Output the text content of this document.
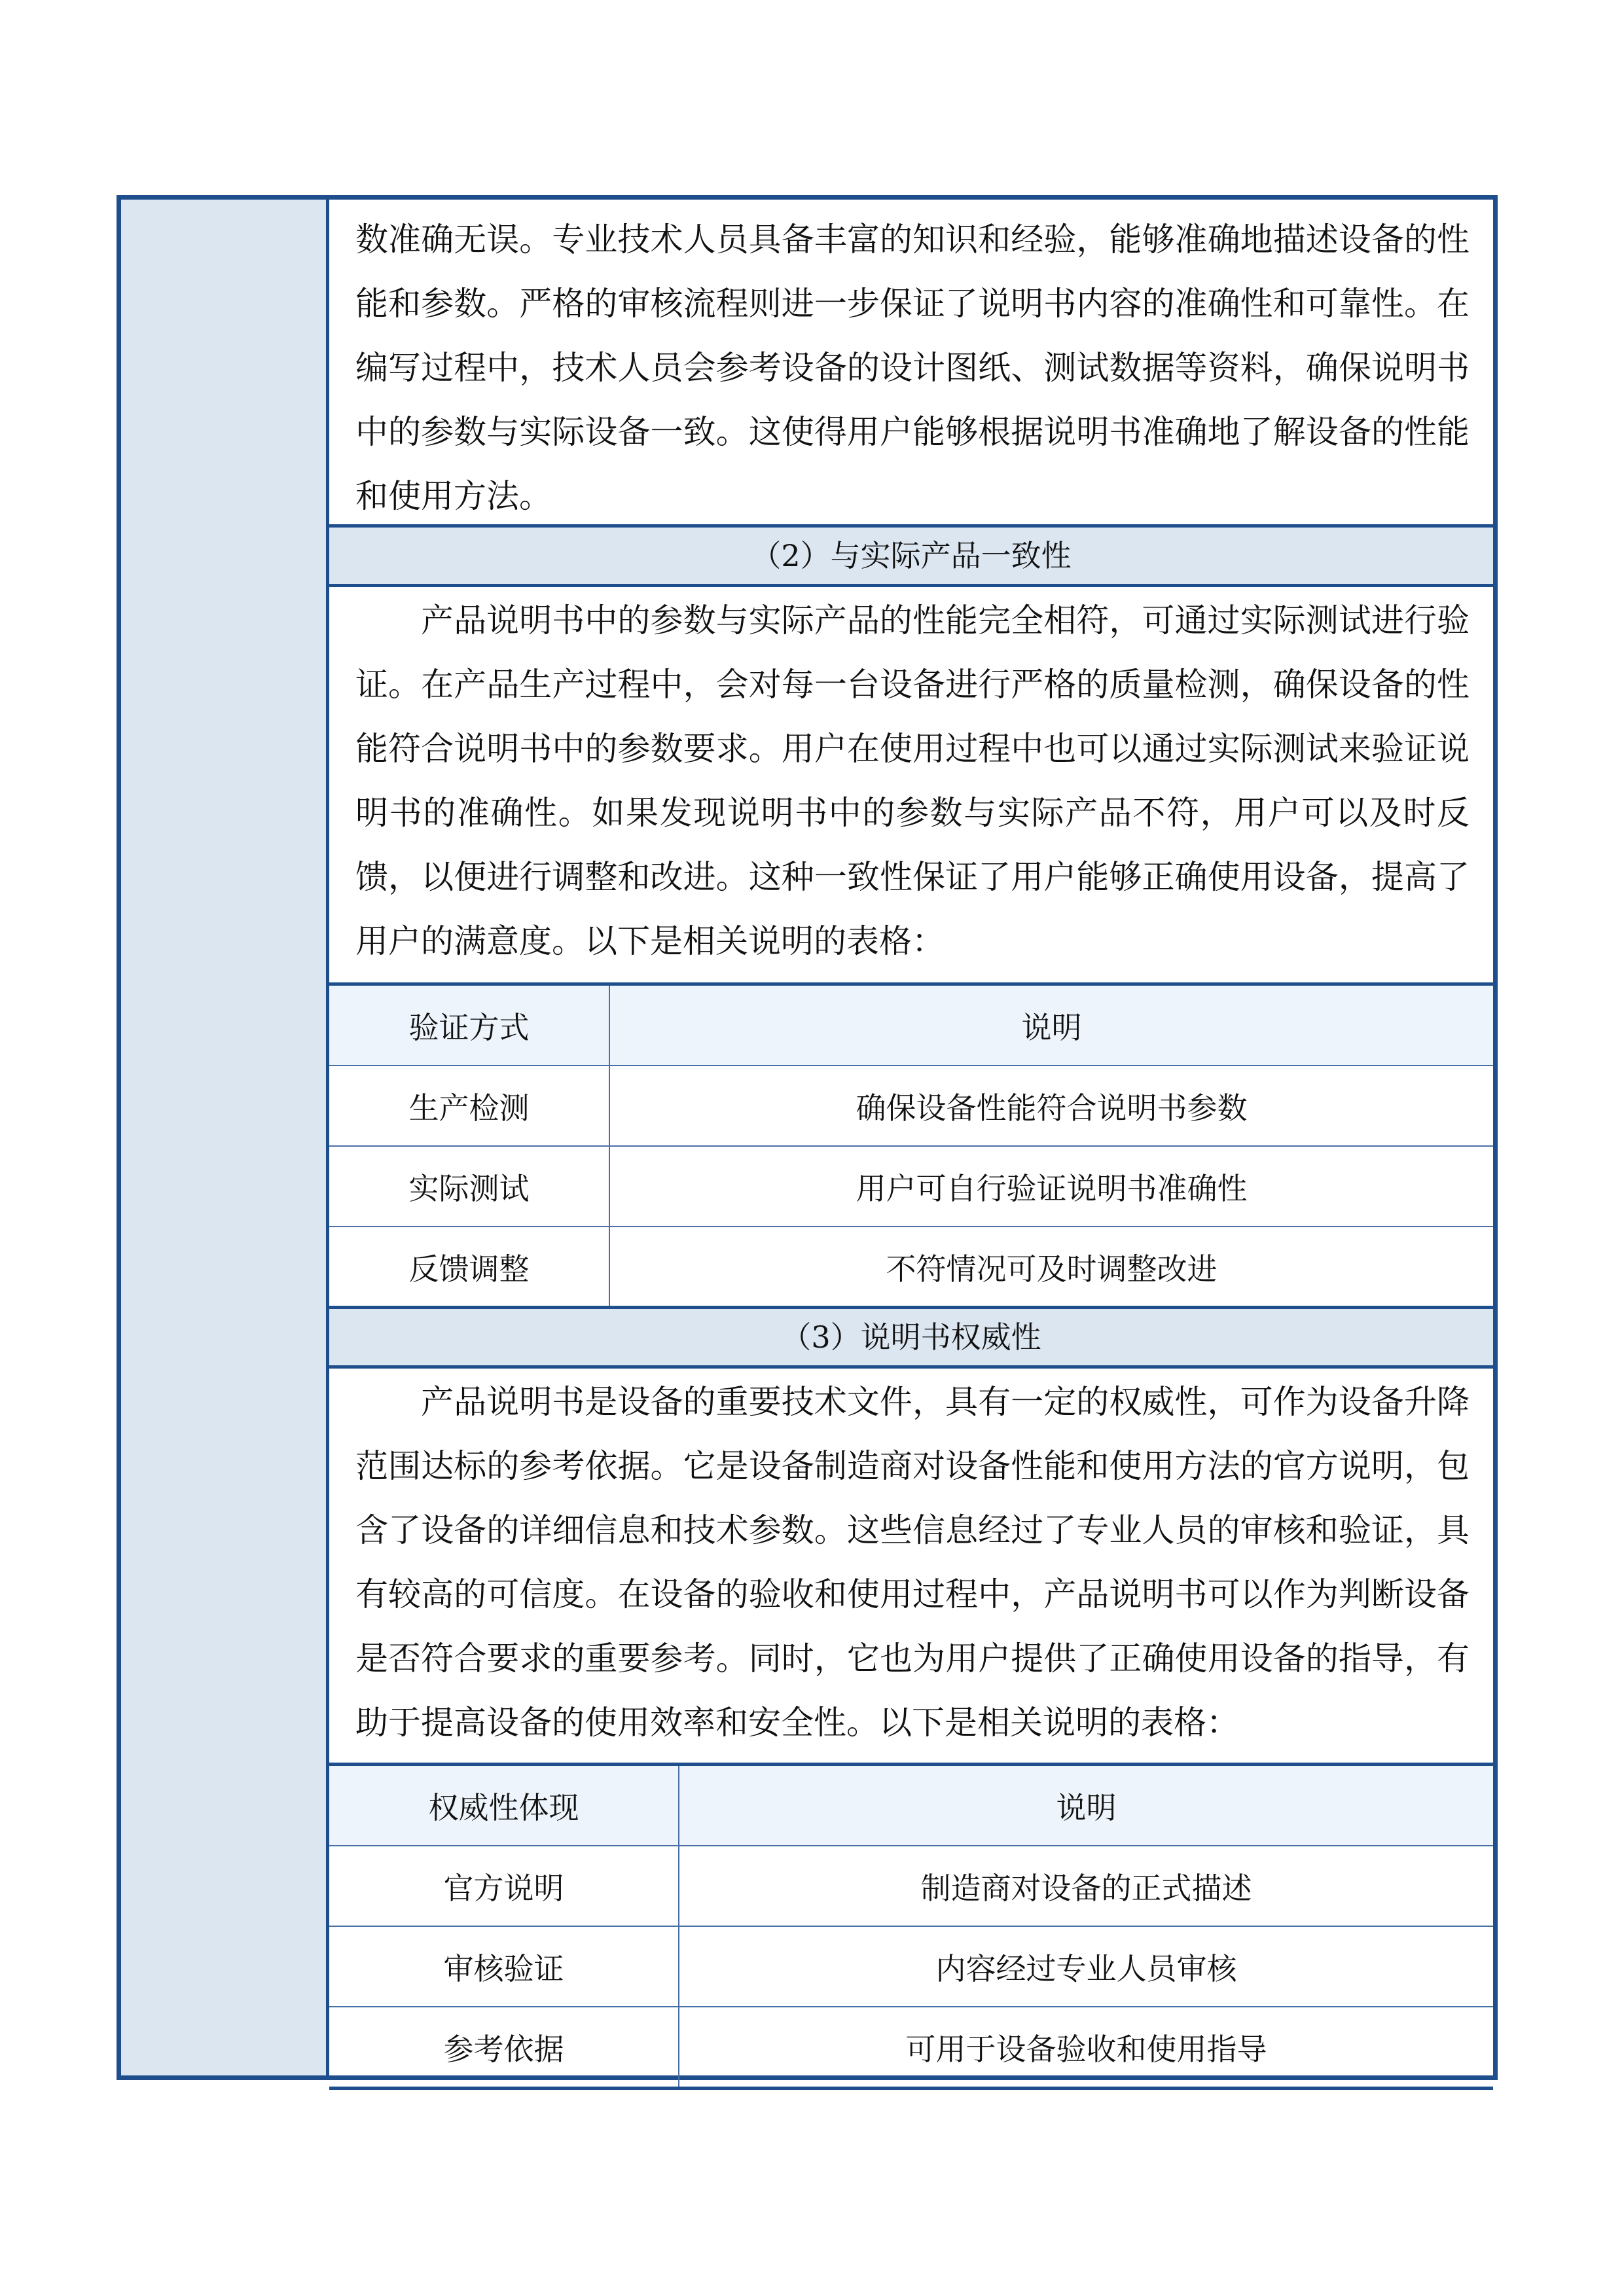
数准确无误。专业技术人员具备丰富的知识和经验，能够准确地描述设备的性能和参数。严格的审核流程则进一步保证了说明书内容的准确性和可靠性。在编写过程中，技术人员会参考设备的设计图纸、测试数据等资料，确保说明书中的参数与实际设备一致。这使得用户能够根据说明书准确地了解设备的性能和使用方法。
（2）与实际产品一致性
产品说明书中的参数与实际产品的性能完全相符，可通过实际测试进行验证。在产品生产过程中，会对每一台设备进行严格的质量检测，确保设备的性能符合说明书中的参数要求。用户在使用过程中也可以通过实际测试来验证说明书的准确性。如果发现说明书中的参数与实际产品不符，用户可以及时反馈，以便进行调整和改进。这种一致性保证了用户能够正确使用设备，提高了用户的满意度。以下是相关说明的表格：
验证方式	说明
生产检测	确保设备性能符合说明书参数
实际测试	用户可自行验证说明书准确性
反馈调整	不符情况可及时调整改进
（3）说明书权威性
产品说明书是设备的重要技术文件，具有一定的权威性，可作为设备升降范围达标的参考依据。它是设备制造商对设备性能和使用方法的官方说明，包含了设备的详细信息和技术参数。这些信息经过了专业人员的审核和验证，具有较高的可信度。在设备的验收和使用过程中，产品说明书可以作为判断设备是否符合要求的重要参考。同时，它也为用户提供了正确使用设备的指导，有助于提高设备的使用效率和安全性。以下是相关说明的表格：
权威性体现	说明
官方说明	制造商对设备的正式描述
审核验证	内容经过专业人员审核
参考依据	可用于设备验收和使用指导
